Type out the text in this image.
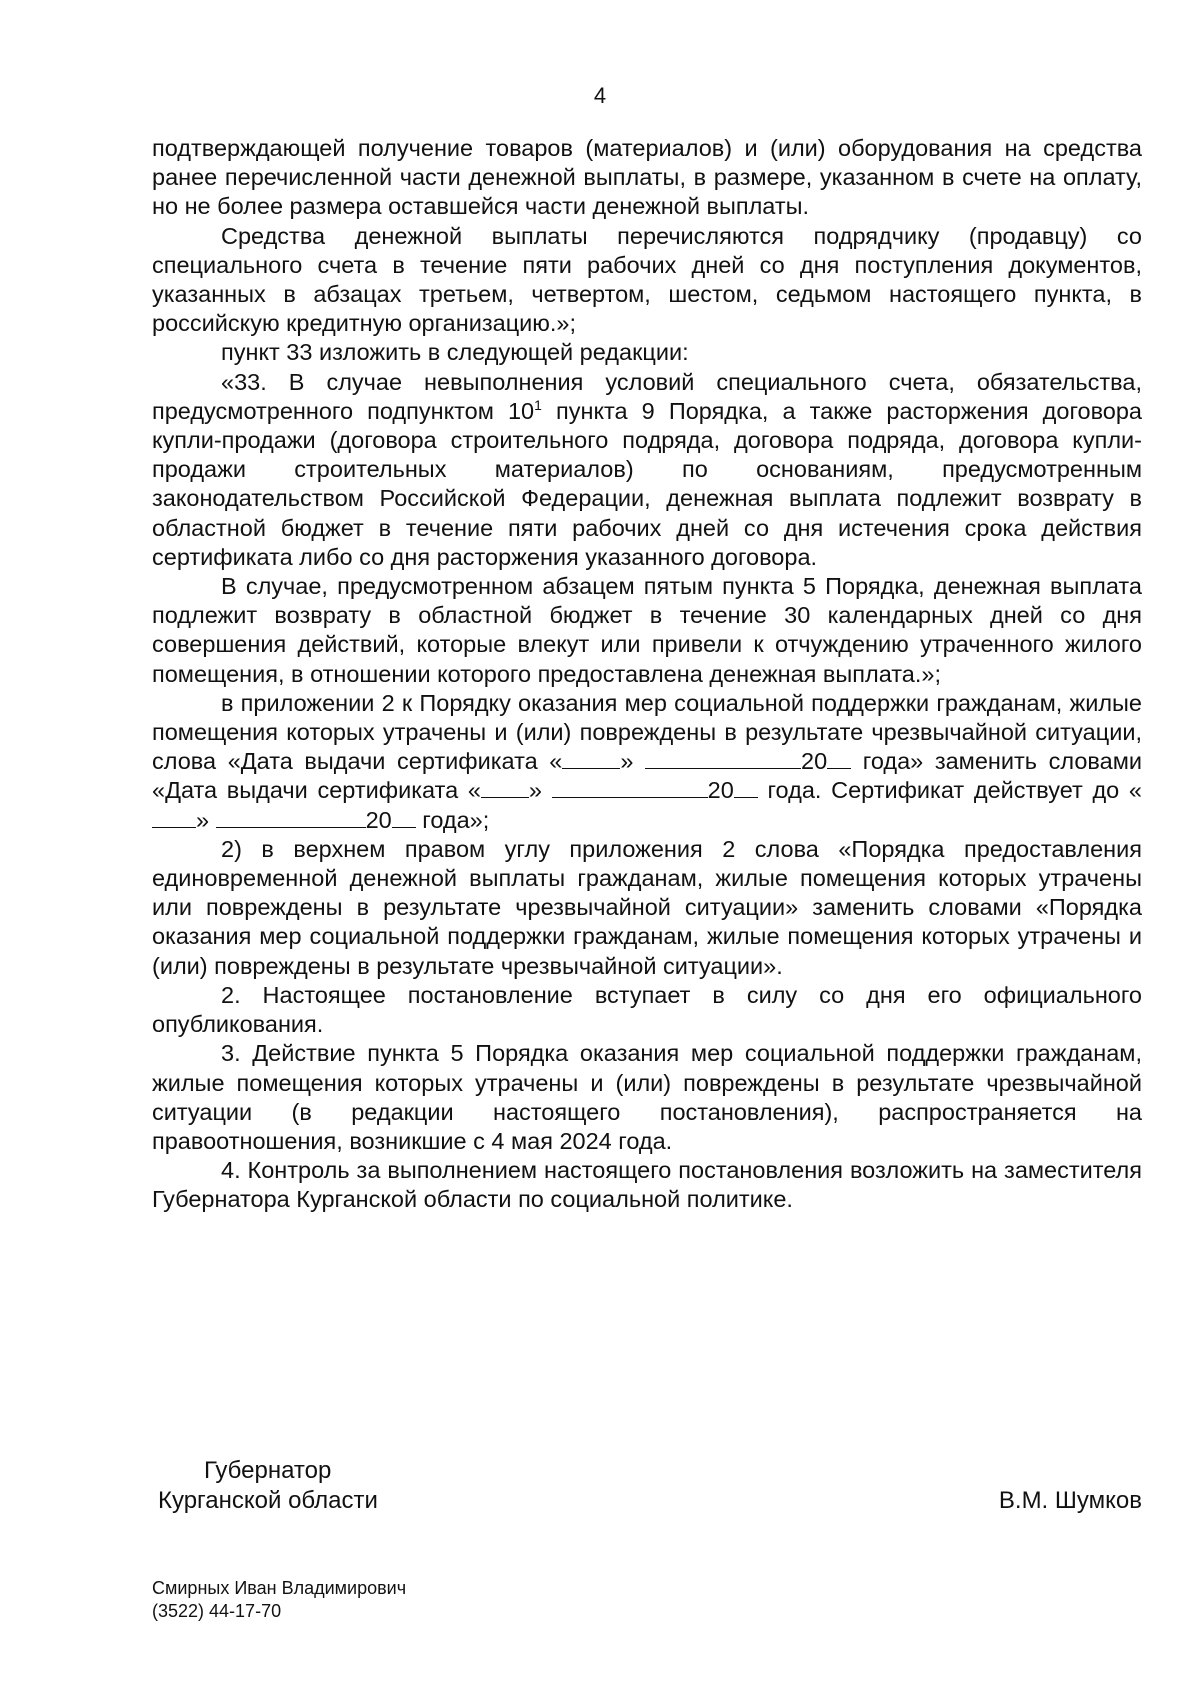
4

подтверждающей получение товаров (материалов) и (или) оборудования на средства ранее перечисленной части денежной выплаты, в размере, указанном в счете на оплату, но не более размера оставшейся части денежной выплаты.

Средства денежной выплаты перечисляются подрядчику (продавцу) со специального счета в течение пяти рабочих дней со дня поступления документов, указанных в абзацах третьем, четвертом, шестом, седьмом настоящего пункта, в российскую кредитную организацию.»;

пункт 33 изложить в следующей редакции:

«33. В случае невыполнения условий специального счета, обязательства, предусмотренного подпунктом $10^1$ пункта 9 Порядка, а также расторжения договора купли-продажи (договора строительного подряда, договора подряда, договора купли-продажи строительных материалов) по основаниям, предусмотренным законодательством Российской Федерации, денежная выплата подлежит возврату в областной бюджет в течение пяти рабочих дней со дня истечения срока действия сертификата либо со дня расторжения указанного договора.

В случае, предусмотренном абзацем пятым пункта 5 Порядка, денежная выплата подлежит возврату в областной бюджет в течение 30 календарных дней со дня совершения действий, которые влекут или привели к отчуждению утраченного жилого помещения, в отношении которого предоставлена денежная выплата.»;

в приложении 2 к Порядку оказания мер социальной поддержки гражданам, жилые помещения которых утрачены и (или) повреждены в результате чрезвычайной ситуации, слова «Дата выдачи сертификата « »	20 года» заменить словами «Дата выдачи сертификата « »	20 года. Сертификат действует до «»	20 года»;

2) в верхнем правом углу приложения 2 слова «Порядка предоставления единовременной денежной выплаты гражданам, жилые помещения которых утрачены или повреждены в результате чрезвычайной ситуации» заменить словами «Порядка оказания мер социальной поддержки гражданам, жилые помещения которых утрачены и (или) повреждены в результате чрезвычайной ситуации».

2. Настоящее постановление вступает в силу со дня его официального опубликования.

3. Действие пункта 5 Порядка оказания мер социальной поддержки гражданам, жилые помещения которых утрачены и (или) повреждены в результате чрезвычайной ситуации (в редакции настоящего постановления), распространяется на правоотношения, возникшие с 4 мая 2024 года.

4. Контроль за выполнением настоящего постановления возложить на заместителя Губернатора Курганской области по социальной политике.

Губернатор
Курганской области	В.М. Шумков
Смирных Иван Владимирович
(3522) 44-17-70
